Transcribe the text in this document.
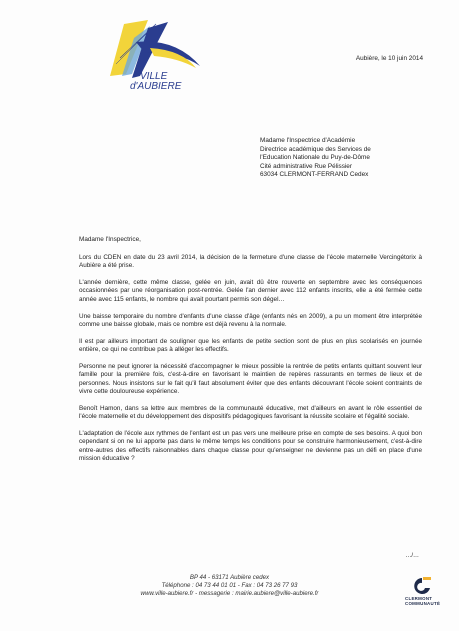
VILLE
d'AUBIERE
Aubière, le 10 juin 2014
Madame l'Inspectrice d'Académie
Directrice académique des Services de
l'Education Nationale du Puy-de-Dôme
Cité administrative Rue Pélissier
63034 CLERMONT-FERRAND Cedex
Madame l'Inspectrice,

Lors du CDEN en date du 23 avril 2014, la décision de la fermeture d'une classe de l'école maternelle Vercingétorix à Aubière a été prise.

L'année dernière, cette même classe, gelée en juin, avait dû être rouverte en septembre avec les conséquences occasionnées par une réorganisation post-rentrée. Gelée l'an dernier avec 112 enfants inscrits, elle a été fermée cette année avec 115 enfants, le nombre qui avait pourtant permis son dégel…

Une baisse temporaire du nombre d'enfants d'une classe d'âge (enfants nés en 2009), a pu un moment être interprétée comme une baisse globale, mais ce nombre est déjà revenu à la normale.

Il est par ailleurs important de souligner que les enfants de petite section sont de plus en plus scolarisés en journée entière, ce qui ne contribue pas à alléger les effectifs.

Personne ne peut ignorer la nécessité d'accompagner le mieux possible la rentrée de petits enfants quittant souvent leur famille pour la première fois, c'est-à-dire en favorisant le maintien de repères rassurants en termes de lieux et de personnes. Nous insistons sur le fait qu'il faut absolument éviter que des enfants découvrant l'école soient contraints de vivre cette douloureuse expérience.

Benoît Hamon, dans sa lettre aux membres de la communauté éducative, met d'ailleurs en avant le rôle essentiel de l'école maternelle et du développement des dispositifs pédagogiques favorisant la réussite scolaire et l'égalité sociale.

L'adaptation de l'école aux rythmes de l'enfant est un pas vers une meilleure prise en compte de ses besoins. A quoi bon cependant si on ne lui apporte pas dans le même temps les conditions pour se construire harmonieusement, c'est-à-dire entre-autres des effectifs raisonnables dans chaque classe pour qu'enseigner ne devienne pas un défi en place d'une mission éducative ?

…/…
BP 44 - 63171 Aubière cedex
Téléphone : 04 73 44 01 01 - Fax : 04 73 26 77 93
www.ville-aubiere.fr - messagerie : mairie.aubiere@ville-aubiere.fr
CLERMONT
COMMUNAUTÉ
